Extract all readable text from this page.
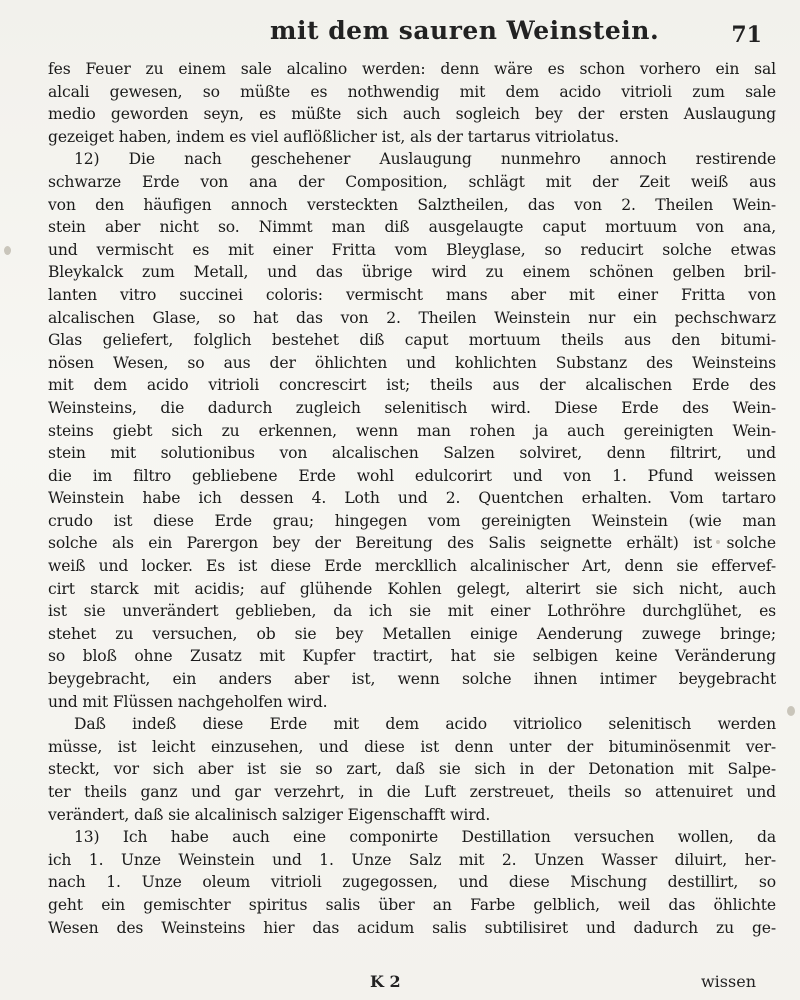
mit dem sauren Weinstein.	71
fes Feuer zu einem sale alcalino werden: denn wäre es schon vorhero ein sal
alcali gewesen, so müßte es nothwendig mit dem acido vitrioli zum sale
medio geworden seyn, es müßte sich auch sogleich bey der ersten Auslaugung
gezeiget haben, indem es viel auflößlicher ist, als der tartarus vitriolatus.
12) Die nach geschehener Auslaugung nunmehro annoch restirende
schwarze Erde von ana der Composition, schlägt mit der Zeit weiß aus
von den häufigen annoch versteckten Salztheilen, das von 2. Theilen Wein-
stein aber nicht so. Nimmt man diß ausgelaugte caput mortuum von ana,
und vermischt es mit einer Fritta vom Bleyglase, so reducirt solche etwas
Bleykalck zum Metall, und das übrige wird zu einem schönen gelben bril-
lanten vitro succinei coloris: vermischt mans aber mit einer Fritta von
alcalischen Glase, so hat das von 2. Theilen Weinstein nur ein pechschwarz
Glas geliefert, folglich bestehet diß caput mortuum theils aus den bitumi-
nösen Wesen, so aus der öhlichten und kohlichten Substanz des Weinsteins
mit dem acido vitrioli concrescirt ist; theils aus der alcalischen Erde des
Weinsteins, die dadurch zugleich selenitisch wird. Diese Erde des Wein-
steins giebt sich zu erkennen, wenn man rohen ja auch gereinigten Wein-
stein mit solutionibus von alcalischen Salzen solviret, denn filtrirt, und
die im filtro gebliebene Erde wohl edulcorirt und von 1. Pfund weissen
Weinstein habe ich dessen 4. Loth und 2. Quentchen erhalten. Vom tartaro
crudo ist diese Erde grau; hingegen vom gereinigten Weinstein (wie man
solche als ein Parergon bey der Bereitung des Salis seignette erhält) ist solche
weiß und locker. Es ist diese Erde merckllich alcalinischer Art, denn sie effervef-
cirt starck mit acidis; auf glühende Kohlen gelegt, alterirt sie sich nicht, auch
ist sie unverändert geblieben, da ich sie mit einer Lothröhre durchglühet, es
stehet zu versuchen, ob sie bey Metallen einige Aenderung zuwege bringe;
so bloß ohne Zusatz mit Kupfer tractirt, hat sie selbigen keine Veränderung
beygebracht, ein anders aber ist, wenn solche ihnen intimer beygebracht
und mit Flüssen nachgeholfen wird.
Daß indeß diese Erde mit dem acido vitriolico selenitisch werden
müsse, ist leicht einzusehen, und diese ist denn unter der bituminösenmit ver-
steckt, vor sich aber ist sie so zart, daß sie sich in der Detonation mit Salpe-
ter theils ganz und gar verzehrt, in die Luft zerstreuet, theils so attenuiret und
verändert, daß sie alcalinisch salziger Eigenschafft wird.
13) Ich habe auch eine componirte Destillation versuchen wollen, da
ich 1. Unze Weinstein und 1. Unze Salz mit 2. Unzen Wasser diluirt, her-
nach 1. Unze oleum vitrioli zugegossen, und diese Mischung destillirt, so
geht ein gemischter spiritus salis über an Farbe gelblich, weil das öhlichte
Wesen des Weinsteins hier das acidum salis subtilisiret und dadurch zu ge-
K 2	wissen
